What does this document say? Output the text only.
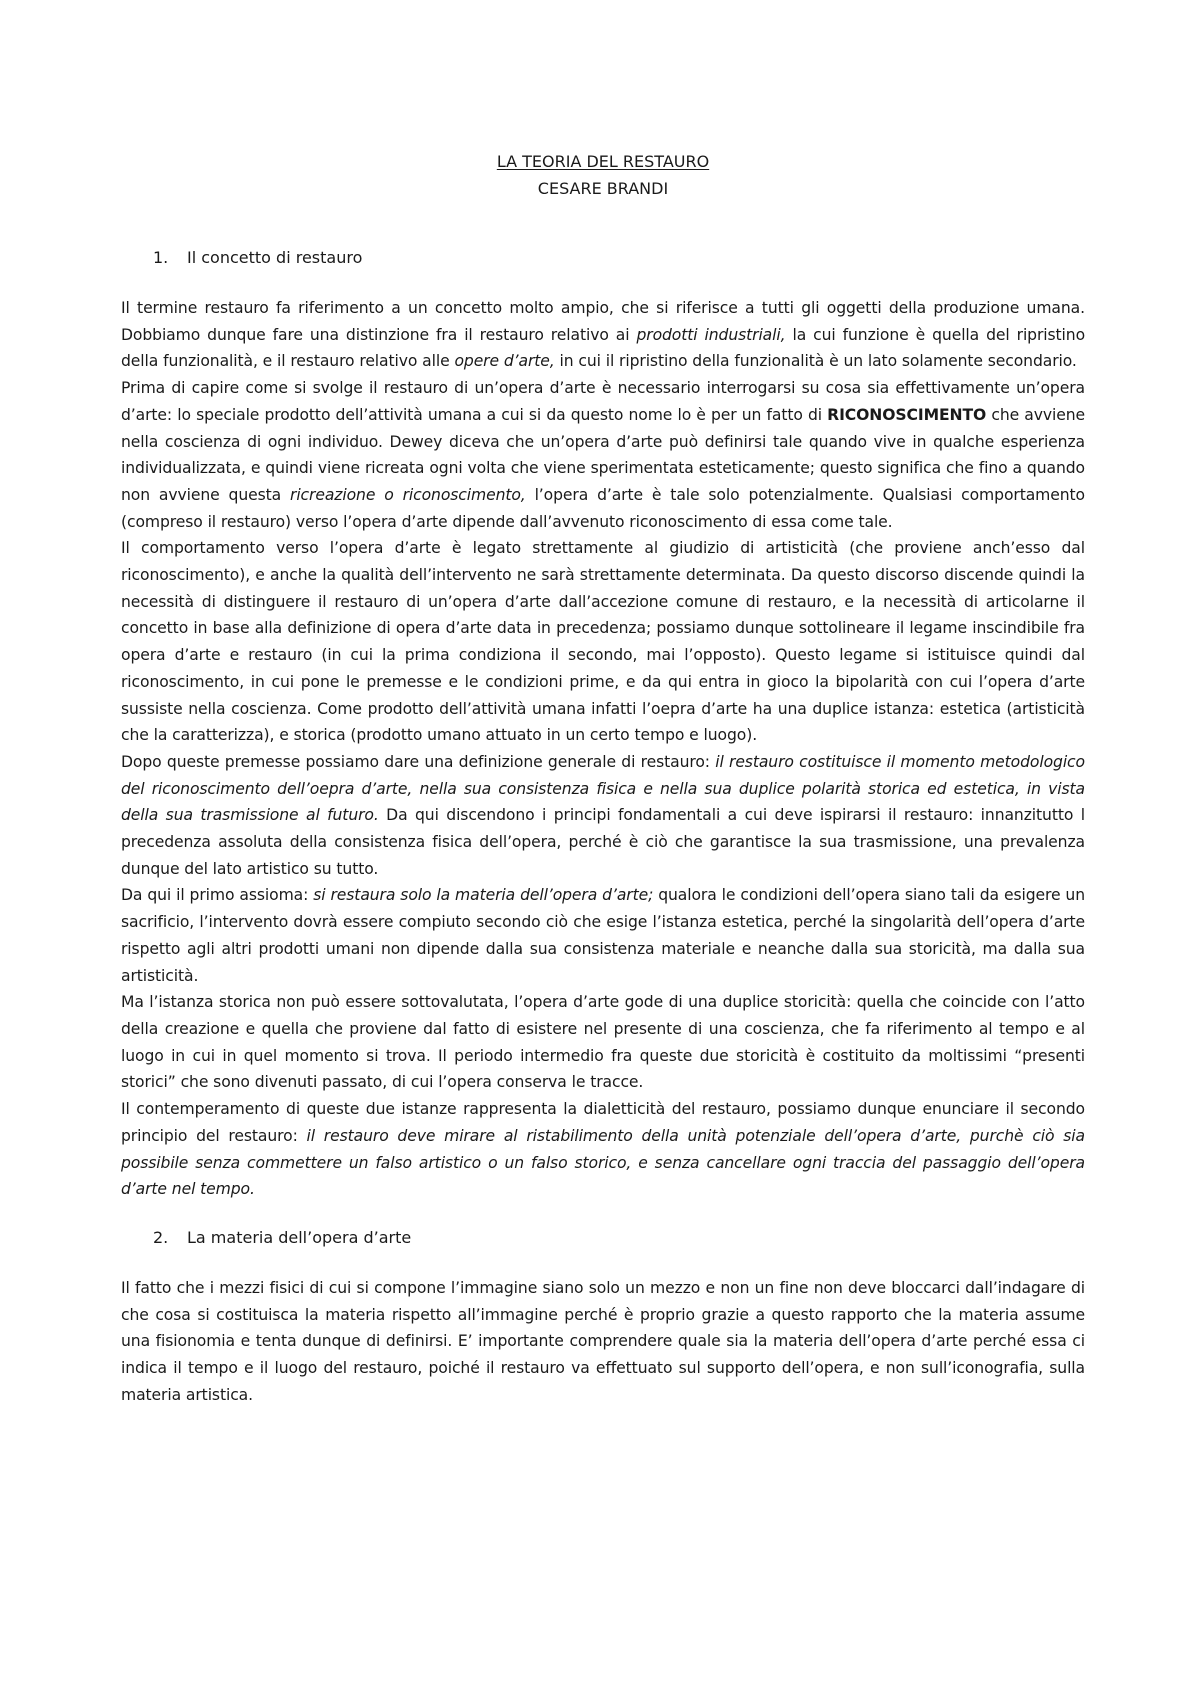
LA TEORIA DEL RESTAURO
CESARE BRANDI
1.	Il concetto di restauro

Il termine restauro fa riferimento a un concetto molto ampio, che si riferisce a tutti gli oggetti della produzione umana. Dobbiamo dunque fare una distinzione fra il restauro relativo ai prodotti industriali, la cui funzione è quella del ripristino della funzionalità, e il restauro relativo alle opere d’arte, in cui il ripristino della funzionalità è un lato solamente secondario.

Prima di capire come si svolge il restauro di un’opera d’arte è necessario interrogarsi su cosa sia effettivamente un’opera d’arte: lo speciale prodotto dell’attività umana a cui si da questo nome lo è per un fatto di RICONOSCIMENTO che avviene nella coscienza di ogni individuo. Dewey diceva che un’opera d’arte può definirsi tale quando vive in qualche esperienza individualizzata, e quindi viene ricreata ogni volta che viene sperimentata esteticamente; questo significa che fino a quando non avviene questa ricreazione o riconoscimento, l’opera d’arte è tale solo potenzialmente. Qualsiasi comportamento (compreso il restauro) verso l’opera d’arte dipende dall’avvenuto riconoscimento di essa come tale.

Il comportamento verso l’opera d’arte è legato strettamente al giudizio di artisticità (che proviene anch’esso dal riconoscimento), e anche la qualità dell’intervento ne sarà strettamente determinata. Da questo discorso discende quindi la necessità di distinguere il restauro di un’opera d’arte dall’accezione comune di restauro, e la necessità di articolarne il concetto in base alla definizione di opera d’arte data in precedenza; possiamo dunque sottolineare il legame inscindibile fra opera d’arte e restauro (in cui la prima condiziona il secondo, mai l’opposto). Questo legame si istituisce quindi dal riconoscimento, in cui pone le premesse e le condizioni prime, e da qui entra in gioco la bipolarità con cui l’opera d’arte sussiste nella coscienza. Come prodotto dell’attività umana infatti l’oepra d’arte ha una duplice istanza: estetica (artisticità che la caratterizza), e storica (prodotto umano attuato in un certo tempo e luogo).

Dopo queste premesse possiamo dare una definizione generale di restauro: il restauro costituisce il momento metodologico del riconoscimento dell’oepra d’arte, nella sua consistenza fisica e nella sua duplice polarità storica ed estetica, in vista della sua trasmissione al futuro. Da qui discendono i principi fondamentali a cui deve ispirarsi il restauro: innanzitutto l precedenza assoluta della consistenza fisica dell’opera, perché è ciò che garantisce la sua trasmissione, una prevalenza dunque del lato artistico su tutto.

Da qui il primo assioma: si restaura solo la materia dell’opera d’arte; qualora le condizioni dell’opera siano tali da esigere un sacrificio, l’intervento dovrà essere compiuto secondo ciò che esige l’istanza estetica, perché la singolarità dell’opera d’arte rispetto agli altri prodotti umani non dipende dalla sua consistenza materiale e neanche dalla sua storicità, ma dalla sua artisticità.

Ma l’istanza storica non può essere sottovalutata, l’opera d’arte gode di una duplice storicità: quella che coincide con l’atto della creazione e quella che proviene dal fatto di esistere nel presente di una coscienza, che fa riferimento al tempo e al luogo in cui in quel momento si trova. Il periodo intermedio fra queste due storicità è costituito da moltissimi “presenti storici” che sono divenuti passato, di cui l’opera conserva le tracce.

Il contemperamento di queste due istanze rappresenta la dialetticità del restauro, possiamo dunque enunciare il secondo principio del restauro: il restauro deve mirare al ristabilimento della unità potenziale dell’opera d’arte, purchè ciò sia possibile senza commettere un falso artistico o un falso storico, e senza cancellare ogni traccia del passaggio dell’opera d’arte nel tempo.

2.	La materia dell’opera d’arte

Il fatto che i mezzi fisici di cui si compone l’immagine siano solo un mezzo e non un fine non deve bloccarci dall’indagare di che cosa si costituisca la materia rispetto all’immagine perché è proprio grazie a questo rapporto che la materia assume una fisionomia e tenta dunque di definirsi. E’ importante comprendere quale sia la materia dell’opera d’arte perché essa ci indica il tempo e il luogo del restauro, poiché il restauro va effettuato sul supporto dell’opera, e non sull’iconografia, sulla materia artistica.
